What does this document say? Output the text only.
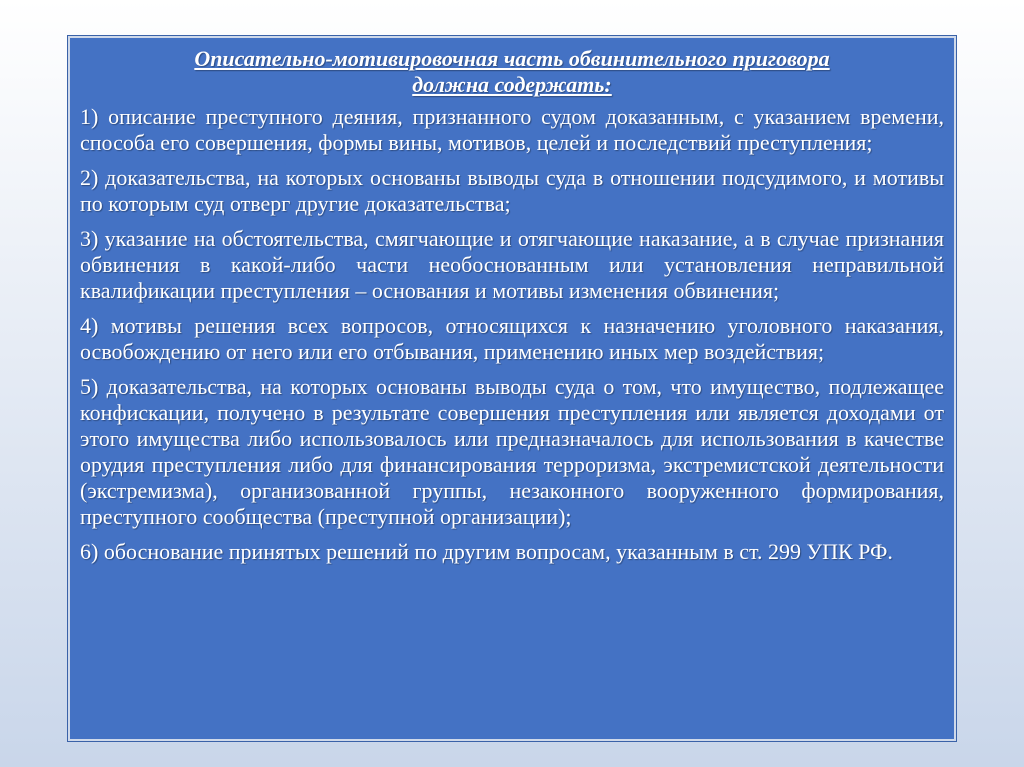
Описательно-мотивировочная часть обвинительного приговора
должна содержать:
1) описание преступного деяния, признанного судом доказанным, с указанием времени, способа его совершения, формы вины, мотивов, целей и последствий преступления;
2) доказательства, на которых основаны выводы суда в отношении подсудимого, и мотивы по которым суд отверг другие доказательства;
3) указание на обстоятельства, смягчающие и отягчающие наказание, а в случае признания обвинения в какой-либо части необоснованным или установления неправильной квалификации преступления – основания и мотивы изменения обвинения;
4) мотивы решения всех вопросов, относящихся к назначению уголовного наказания, освобождению от него или его отбывания, применению иных мер воздействия;
5) доказательства, на которых основаны выводы суда о том, что имущество, подлежащее конфискации, получено в результате совершения преступления или является доходами от этого имущества либо использовалось или предназначалось для использования в качестве орудия преступления либо для финансирования терроризма, экстремистской деятельности (экстремизма), организованной группы, незаконного вооруженного формирования, преступного сообщества (преступной организации);
6) обоснование принятых решений по другим вопросам, указанным в ст. 299 УПК РФ.
